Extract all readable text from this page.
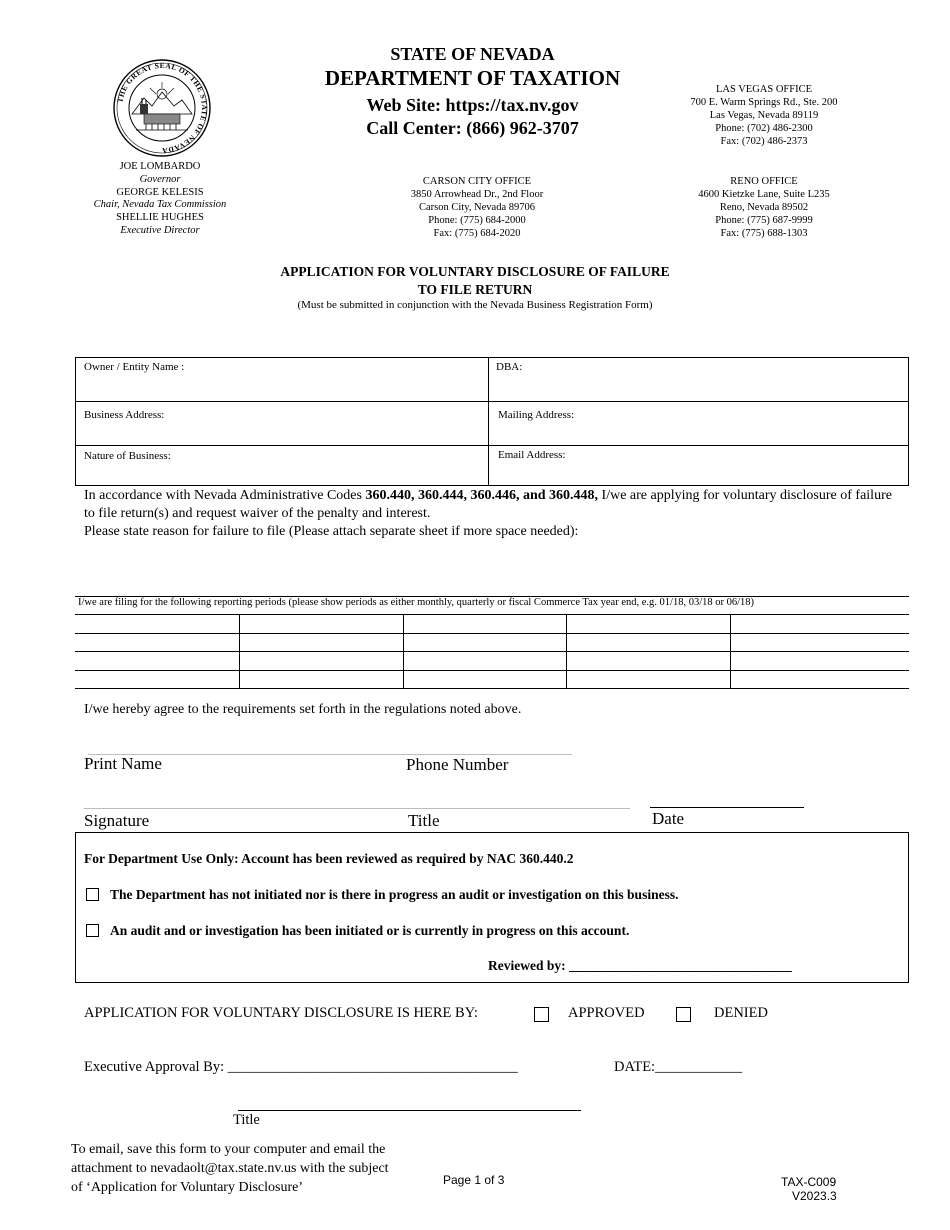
THE GREAT SEAL OF THE STATE OF NEVADA
STATE OF NEVADA
DEPARTMENT OF TAXATION
Web Site: https://tax.nv.gov
Call Center: (866) 962-3707
LAS VEGAS OFFICE
700 E. Warm Springs Rd., Ste. 200
Las Vegas, Nevada 89119
Phone: (702) 486-2300
Fax: (702) 486-2373
CARSON CITY OFFICE
3850 Arrowhead Dr., 2nd Floor
Carson City, Nevada 89706
Phone: (775) 684-2000
Fax: (775) 684-2020
RENO OFFICE
4600 Kietzke Lane, Suite L235
Reno, Nevada 89502
Phone: (775) 687-9999
Fax: (775) 688-1303
JOE LOMBARDO
Governor
GEORGE KELESIS
Chair, Nevada Tax Commission
SHELLIE HUGHES
Executive Director
APPLICATION FOR VOLUNTARY DISCLOSURE OF FAILURE
TO FILE RETURN
(Must be submitted in conjunction with the Nevada Business Registration Form)
Owner / Entity Name :	DBA:
Business Address:	Mailing Address:
Nature of Business:	Email Address:
In accordance with Nevada Administrative Codes 360.440, 360.444, 360.446, and 360.448, I/we are applying for voluntary disclosure of failure to file return(s) and request waiver of the penalty and interest.
Please state reason for failure to file (Please attach separate sheet if more space needed):
I/we are filing for the following reporting periods (please show periods as either monthly, quarterly or fiscal Commerce Tax year end, e.g. 01/18, 03/18 or 06/18)
I/we hereby agree to the requirements set forth in the regulations noted above.
Print Name	Phone Number
Signature	Title	Date
For Department Use Only: Account has been reviewed as required by NAC 360.440.2
The Department has not initiated nor is there in progress an audit or investigation on this business.
An audit and or investigation has been initiated or is currently in progress on this account.
Reviewed by: _________________________________
APPLICATION FOR VOLUNTARY DISCLOSURE IS HERE BY:	APPROVED	DENIED
Executive Approval By: ________________________________________	DATE:____________
Title
To email, save this form to your computer and email the attachment to nevadaolt@tax.state.nv.us with the subject of ‘Application for Voluntary Disclosure’	Page 1 of 3	TAX-C009
V2023.3
